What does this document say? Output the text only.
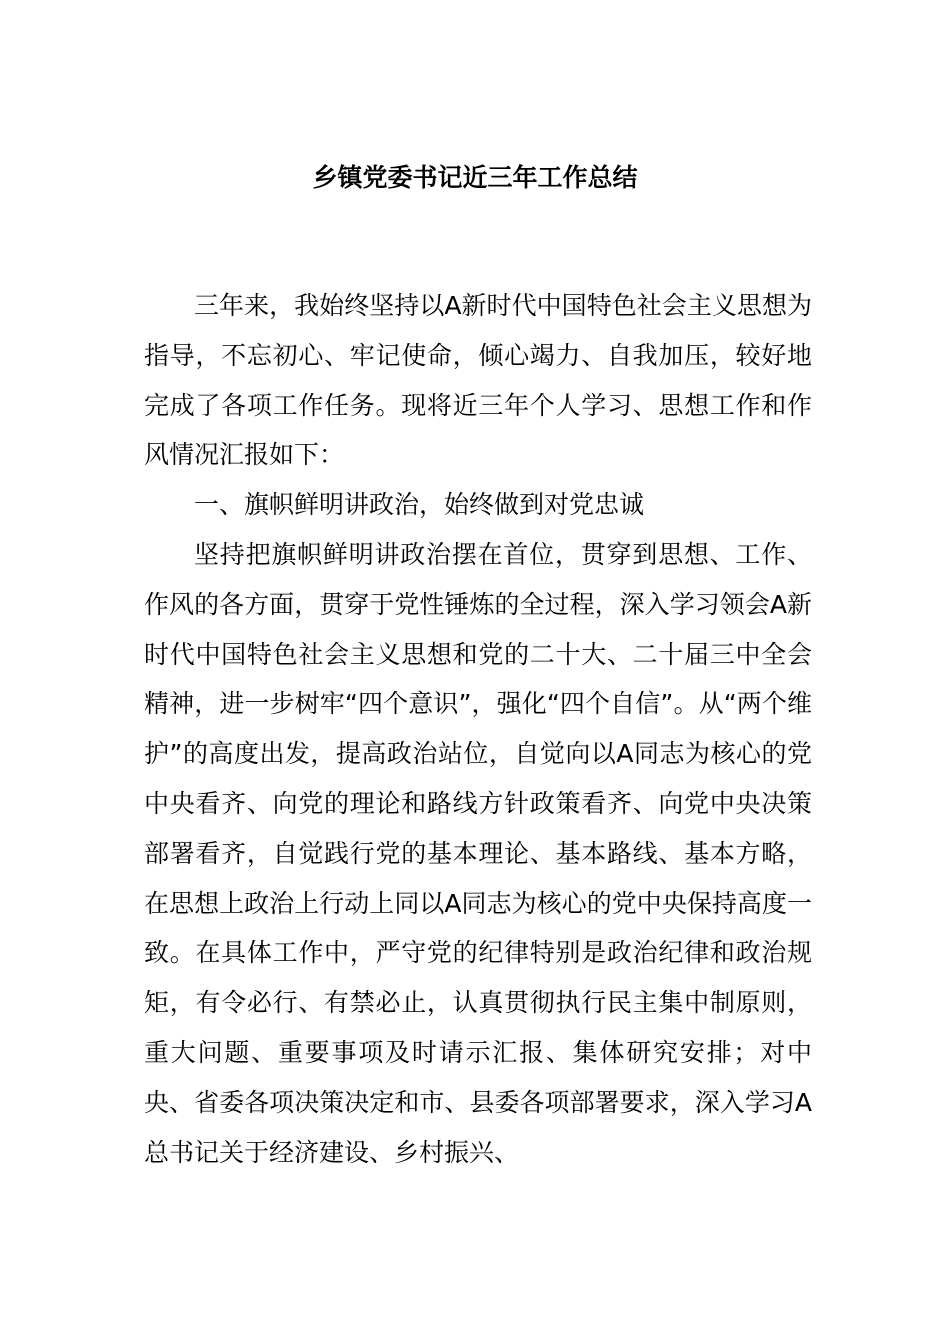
乡镇党委书记近三年工作总结

三年来，我始终坚持以A新时代中国特色社会主义思想为指导，不忘初心、牢记使命，倾心竭力、自我加压，较好地完成了各项工作任务。现将近三年个人学习、思想工作和作风情况汇报如下：

一、旗帜鲜明讲政治，始终做到对党忠诚

坚持把旗帜鲜明讲政治摆在首位，贯穿到思想、工作、作风的各方面，贯穿于党性锤炼的全过程，深入学习领会A新时代中国特色社会主义思想和党的二十大、二十届三中全会精神，进一步树牢“四个意识”，强化“四个自信”。从“两个维护”的高度出发，提高政治站位，自觉向以A同志为核心的党中央看齐、向党的理论和路线方针政策看齐、向党中央决策部署看齐，自觉践行党的基本理论、基本路线、基本方略，在思想上政治上行动上同以A同志为核心的党中央保持高度一致。在具体工作中，严守党的纪律特别是政治纪律和政治规矩，有令必行、有禁必止，认真贯彻执行民主集中制原则，重大问题、重要事项及时请示汇报、集体研究安排；对中央、省委各项决策决定和市、县委各项部署要求，深入学习A总书记关于经济建设、乡村振兴、
